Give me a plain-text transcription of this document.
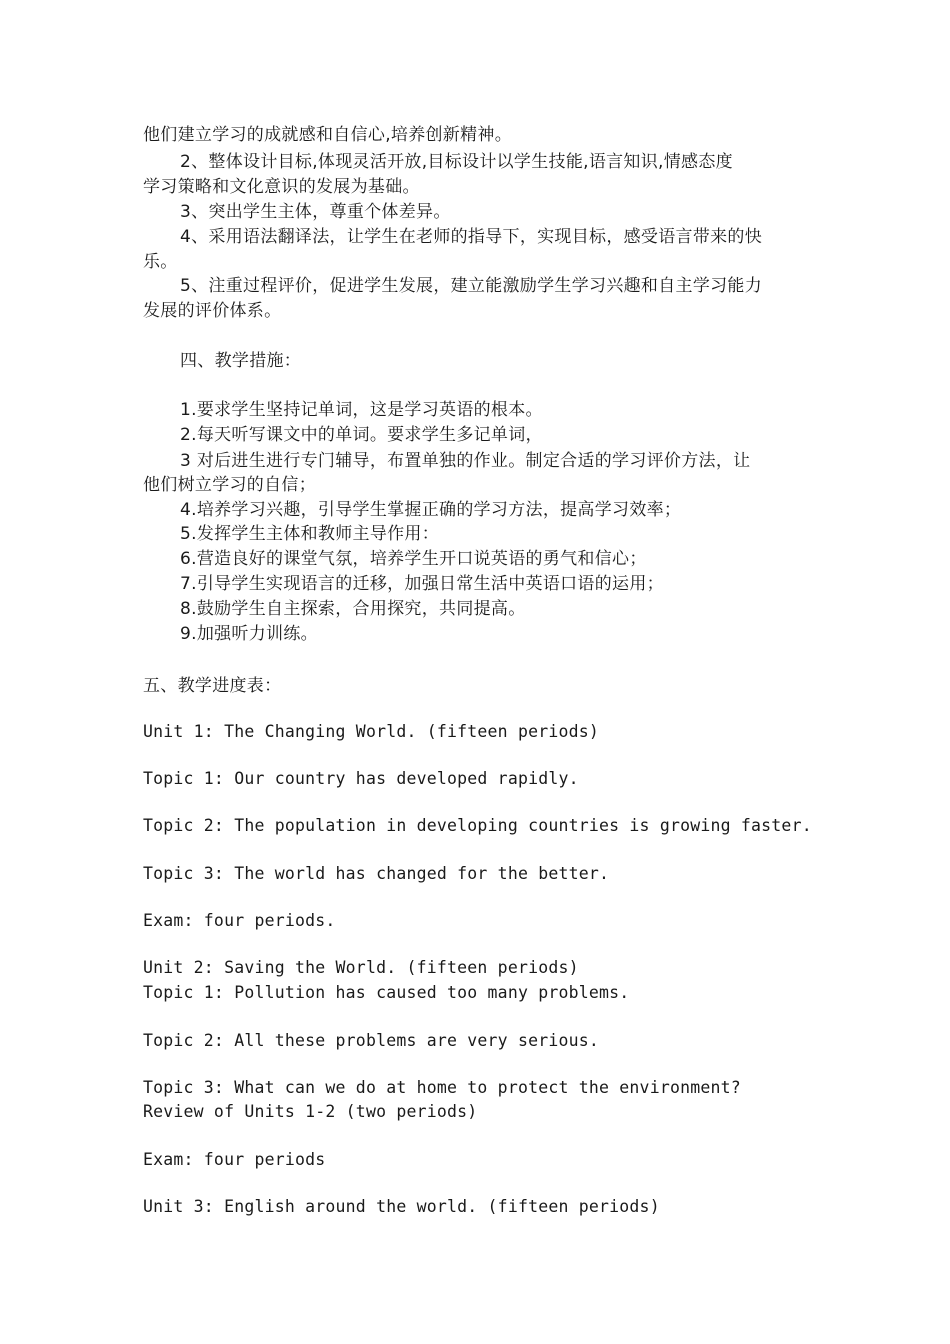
他们建立学习的成就感和自信心,培养创新精神。
2、整体设计目标,体现灵活开放,目标设计以学生技能,语言知识,情感态度
学习策略和文化意识的发展为基础。
3、突出学生主体，尊重个体差异。
4、采用语法翻译法，让学生在老师的指导下，实现目标，感受语言带来的快
乐。
5、注重过程评价，促进学生发展，建立能激励学生学习兴趣和自主学习能力
发展的评价体系。
四、教学措施：
1.要求学生坚持记单词，这是学习英语的根本。
2.每天听写课文中的单词。要求学生多记单词，
3 对后进生进行专门辅导，布置单独的作业。制定合适的学习评价方法，让
他们树立学习的自信；
4.培养学习兴趣，引导学生掌握正确的学习方法，提高学习效率；
5.发挥学生主体和教师主导作用：
6.营造良好的课堂气氛，培养学生开口说英语的勇气和信心；
7.引导学生实现语言的迁移，加强日常生活中英语口语的运用；
8.鼓励学生自主探索，合用探究，共同提高。
9.加强听力训练。
五、教学进度表：
Unit 1: The Changing World. (fifteen periods)
Topic 1: Our country has developed rapidly.
Topic 2: The population in developing countries is growing faster.
Topic 3: The world has changed for the better.
Exam: four periods.
Unit 2: Saving the World. (fifteen periods)
Topic 1: Pollution has caused too many problems.
Topic 2: All these problems are very serious.
Topic 3: What can we do at home to protect the environment?
Review of Units 1-2 (two periods)
Exam: four periods
Unit 3: English around the world. (fifteen periods)
